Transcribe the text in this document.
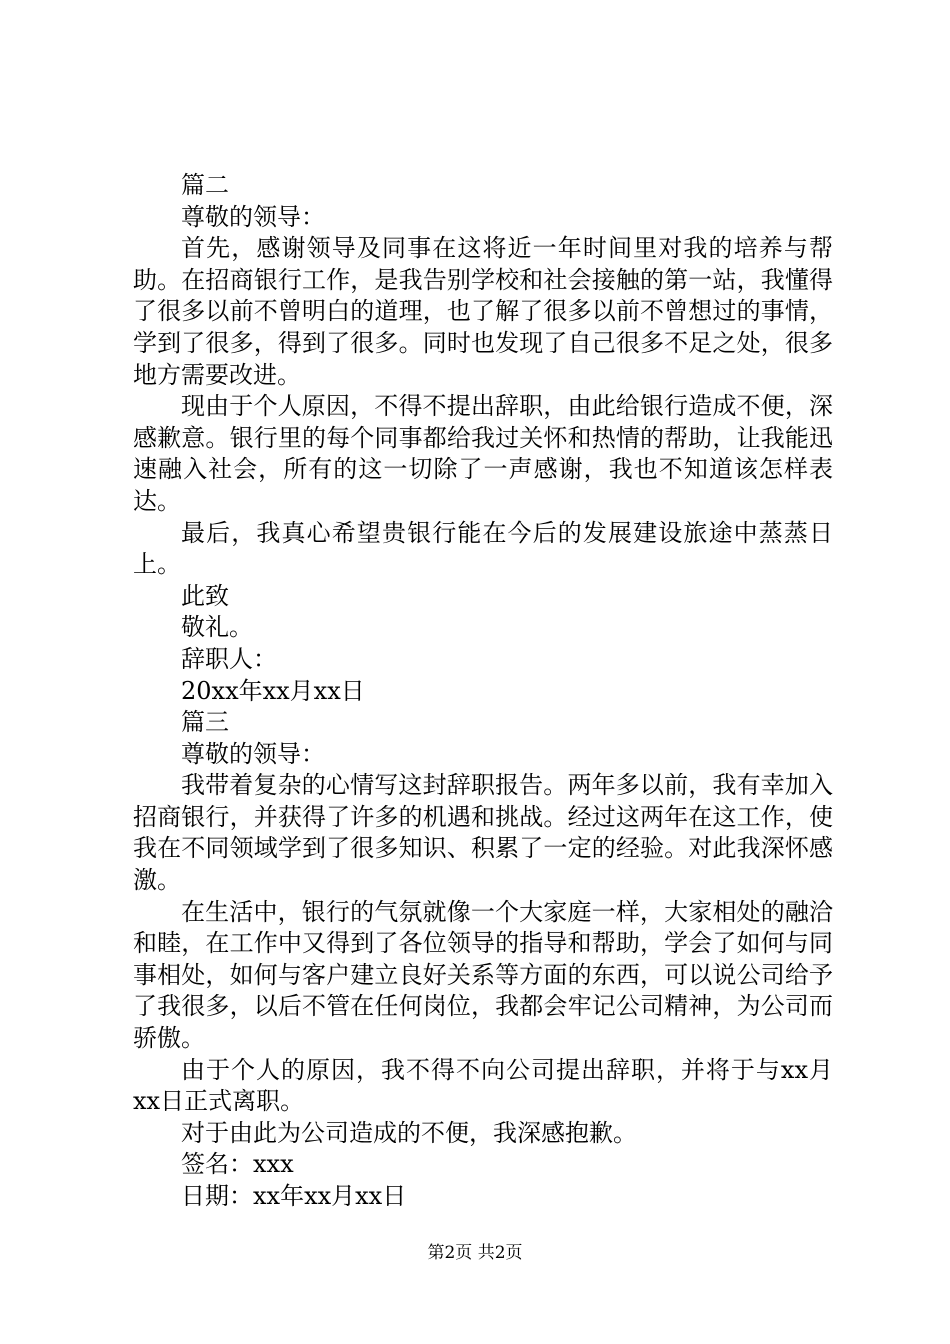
篇二
尊敬的领导：
首先，感谢领导及同事在这将近一年时间里对我的培养与帮助。在招商银行工作，是我告别学校和社会接触的第一站，我懂得了很多以前不曾明白的道理，也了解了很多以前不曾想过的事情，学到了很多，得到了很多。同时也发现了自己很多不足之处，很多地方需要改进。
现由于个人原因，不得不提出辞职，由此给银行造成不便，深感歉意。银行里的每个同事都给我过关怀和热情的帮助，让我能迅速融入社会，所有的这一切除了一声感谢，我也不知道该怎样表达。
最后，我真心希望贵银行能在今后的发展建设旅途中蒸蒸日上。
此致
敬礼。
辞职人：
20xx年xx月xx日
篇三
尊敬的领导：
我带着复杂的心情写这封辞职报告。两年多以前，我有幸加入招商银行，并获得了许多的机遇和挑战。经过这两年在这工作，使我在不同领域学到了很多知识、积累了一定的经验。对此我深怀感激。
在生活中，银行的气氛就像一个大家庭一样，大家相处的融洽和睦，在工作中又得到了各位领导的指导和帮助，学会了如何与同事相处，如何与客户建立良好关系等方面的东西，可以说公司给予了我很多，以后不管在任何岗位，我都会牢记公司精神，为公司而骄傲。
由于个人的原因，我不得不向公司提出辞职，并将于与xx月xx日正式离职。
对于由此为公司造成的不便，我深感抱歉。
签名：xxx
日期：xx年xx月xx日
第2页 共2页
